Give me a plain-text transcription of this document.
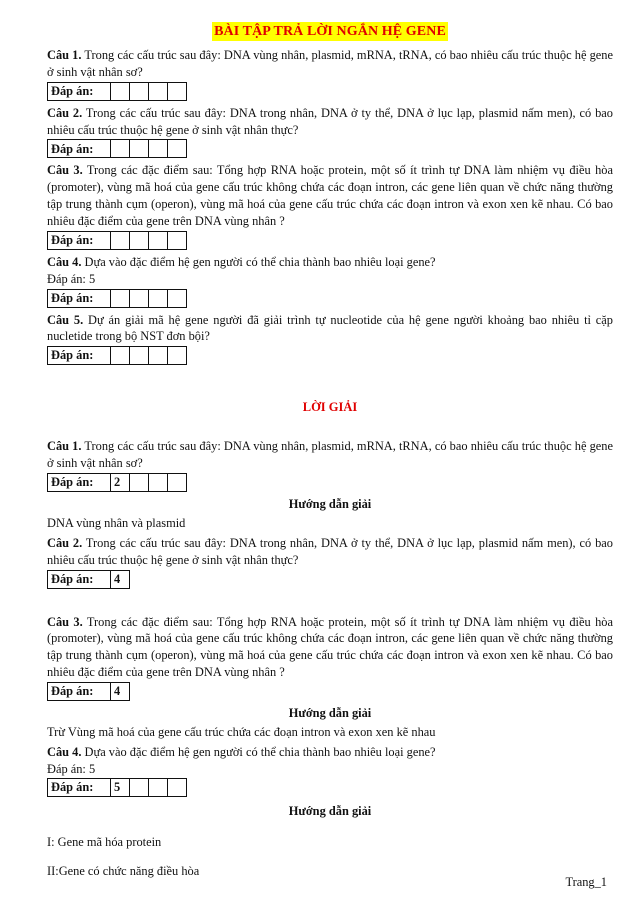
BÀI TẬP TRẢ LỜI NGẮN HỆ GENE

Câu 1. Trong các cấu trúc sau đây: DNA vùng nhân, plasmid, mRNA, tRNA, có bao nhiêu cấu trúc thuộc hệ gene ở sinh vật nhân sơ?

Đáp án:				

Câu 2. Trong các cấu trúc sau đây: DNA trong nhân, DNA ở ty thể, DNA ở lục lạp, plasmid nấm men), có bao nhiêu cấu trúc thuộc hệ gene ở sinh vật nhân thực?

Đáp án:				

Câu 3. Trong các đặc điểm sau: Tổng hợp RNA hoặc protein, một số ít trình tự DNA làm nhiệm vụ điều hòa (promoter), vùng mã hoá của gene cấu trúc không chứa các đoạn intron, các gene liên quan về chức năng thường tập trung thành cụm (operon), vùng mã hoá của gene cấu trúc chứa các đoạn intron và exon xen kẽ nhau. Có bao nhiêu đặc điểm của gene trên DNA vùng nhân ?

Đáp án:				

Câu 4. Dựa vào đặc điểm hệ gen người có thể chia thành bao nhiêu loại gene?

Đáp án: 5

Đáp án:				

Câu 5. Dự án giải mã hệ gene người đã giải trình tự nucleotide của hệ gene người khoảng bao nhiêu tỉ cặp nucletide trong bộ NST đơn bội?

Đáp án:				
LỜI GIẢI

Câu 1. Trong các cấu trúc sau đây: DNA vùng nhân, plasmid, mRNA, tRNA, có bao nhiêu cấu trúc thuộc hệ gene ở sinh vật nhân sơ?

Đáp án:	2			
Hướng dẫn giải

DNA vùng nhân và plasmid

Câu 2. Trong các cấu trúc sau đây: DNA trong nhân, DNA ở ty thể, DNA ở lục lạp, plasmid nấm men), có bao nhiêu cấu trúc thuộc hệ gene ở sinh vật nhân thực?

Đáp án:	4

Câu 3. Trong các đặc điểm sau: Tổng hợp RNA hoặc protein, một số ít trình tự DNA làm nhiệm vụ điều hòa (promoter), vùng mã hoá của gene cấu trúc không chứa các đoạn intron, các gene liên quan về chức năng thường tập trung thành cụm (operon), vùng mã hoá của gene cấu trúc chứa các đoạn intron và exon xen kẽ nhau. Có bao nhiêu đặc điểm của gene trên DNA vùng nhân ?

Đáp án:	4
Hướng dẫn giải

Trừ Vùng mã hoá của gene cấu trúc chứa các đoạn intron và exon xen kẽ nhau

Câu 4. Dựa vào đặc điểm hệ gen người có thể chia thành bao nhiêu loại gene?

Đáp án: 5

Đáp án:	5			
Hướng dẫn giải

I: Gene mã hóa protein

II:Gene có chức năng điều hòa

Trang_1
